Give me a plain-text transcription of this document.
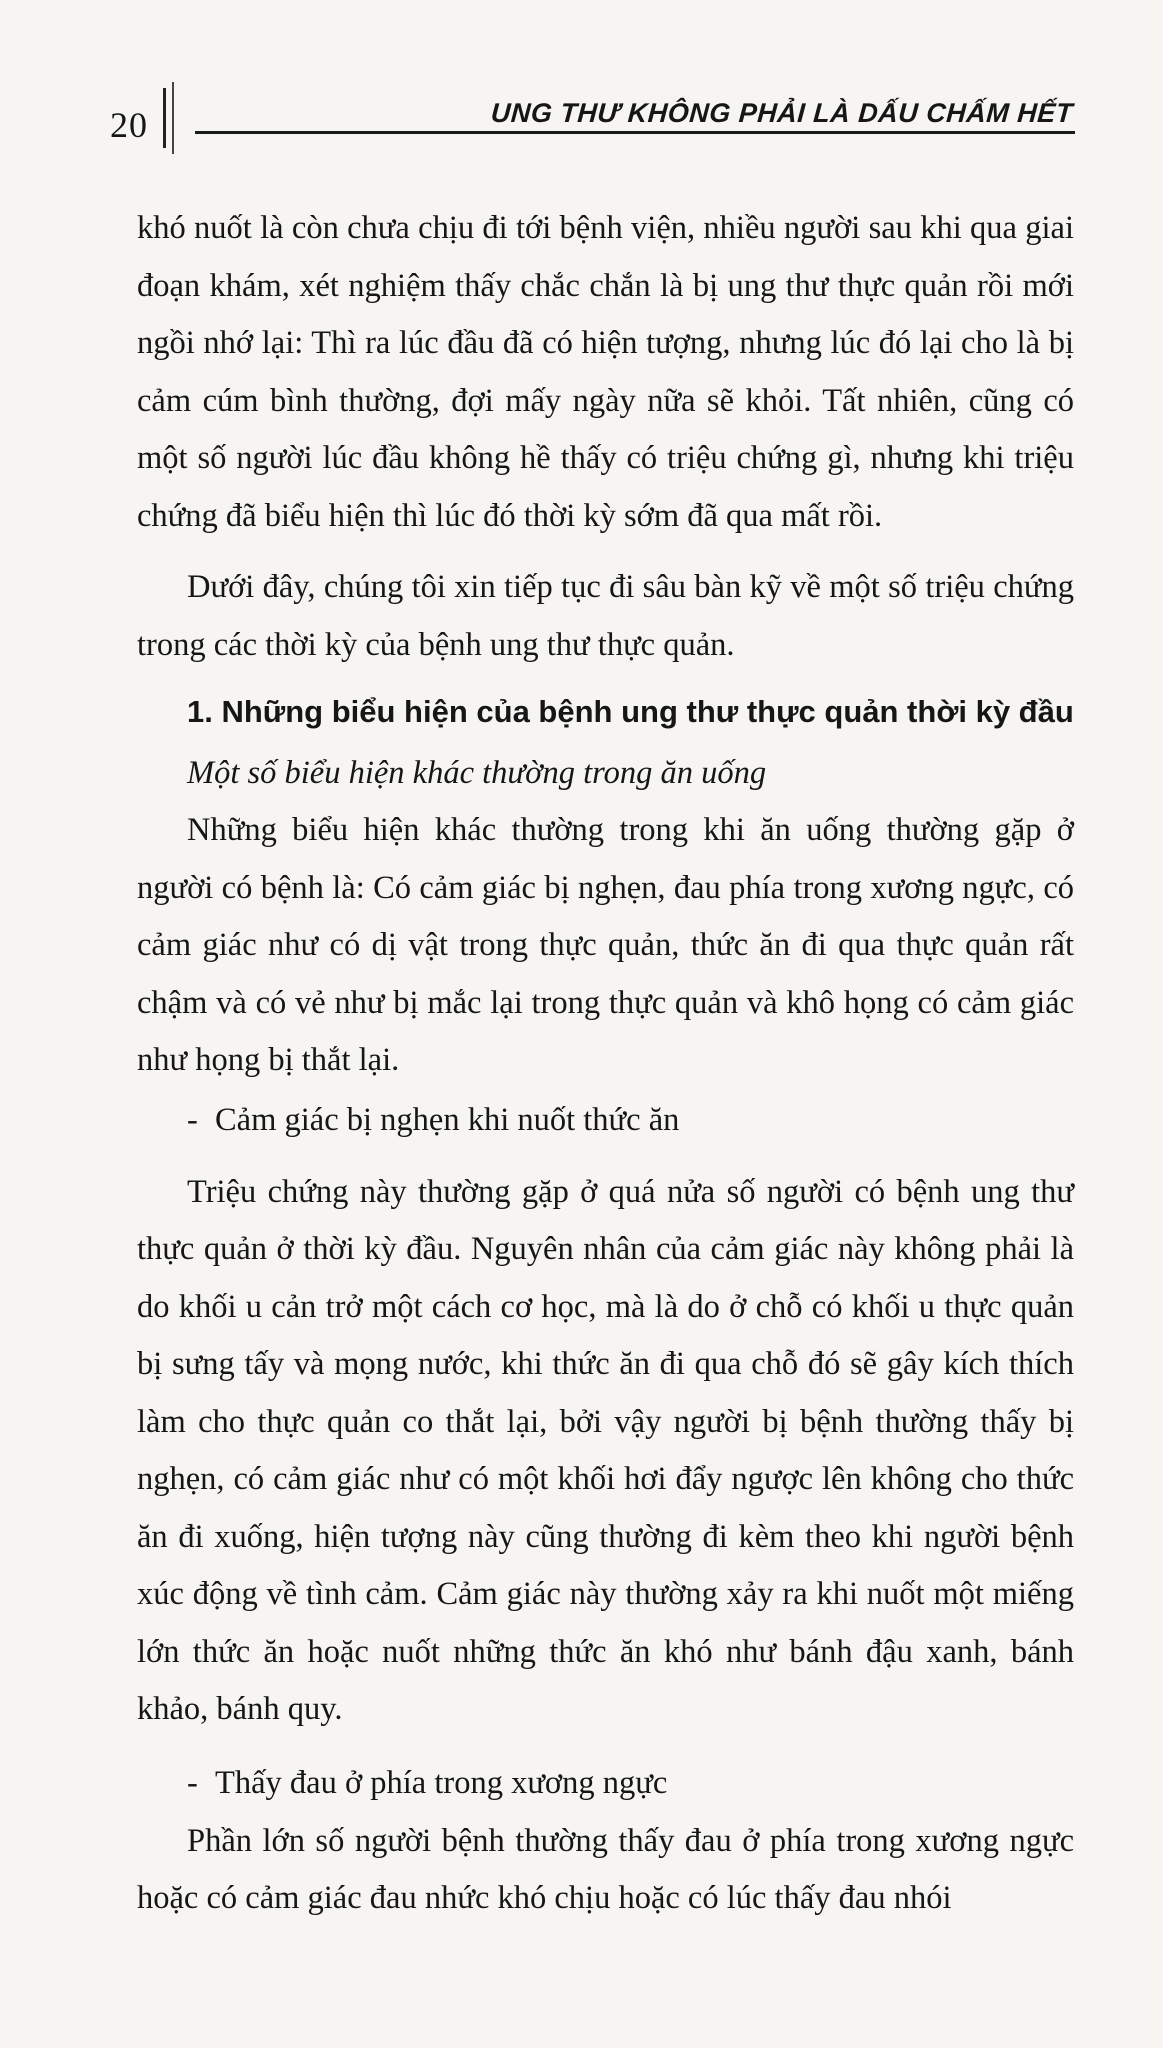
20	UNG THƯ KHÔNG PHẢI LÀ DẤU CHẤM HẾT

khó nuốt là còn chưa chịu đi tới bệnh viện, nhiều người sau khi qua giai đoạn khám, xét nghiệm thấy chắc chắn là bị ung thư thực quản rồi mới ngồi nhớ lại: Thì ra lúc đầu đã có hiện tượng, nhưng lúc đó lại cho là bị cảm cúm bình thường, đợi mấy ngày nữa sẽ khỏi. Tất nhiên, cũng có một số người lúc đầu không hề thấy có triệu chứng gì, nhưng khi triệu chứng đã biểu hiện thì lúc đó thời kỳ sớm đã qua mất rồi.

Dưới đây, chúng tôi xin tiếp tục đi sâu bàn kỹ về một số triệu chứng trong các thời kỳ của bệnh ung thư thực quản.

1. Những biểu hiện của bệnh ung thư thực quản thời kỳ đầu

Một số biểu hiện khác thường trong ăn uống

Những biểu hiện khác thường trong khi ăn uống thường gặp ở người có bệnh là: Có cảm giác bị nghẹn, đau phía trong xương ngực, có cảm giác như có dị vật trong thực quản, thức ăn đi qua thực quản rất chậm và có vẻ như bị mắc lại trong thực quản và khô họng có cảm giác như họng bị thắt lại.

- Cảm giác bị nghẹn khi nuốt thức ăn

Triệu chứng này thường gặp ở quá nửa số người có bệnh ung thư thực quản ở thời kỳ đầu. Nguyên nhân của cảm giác này không phải là do khối u cản trở một cách cơ học, mà là do ở chỗ có khối u thực quản bị sưng tấy và mọng nước, khi thức ăn đi qua chỗ đó sẽ gây kích thích làm cho thực quản co thắt lại, bởi vậy người bị bệnh thường thấy bị nghẹn, có cảm giác như có một khối hơi đẩy ngược lên không cho thức ăn đi xuống, hiện tượng này cũng thường đi kèm theo khi người bệnh xúc động về tình cảm. Cảm giác này thường xảy ra khi nuốt một miếng lớn thức ăn hoặc nuốt những thức ăn khó như bánh đậu xanh, bánh khảo, bánh quy.

- Thấy đau ở phía trong xương ngực

Phần lớn số người bệnh thường thấy đau ở phía trong xương ngực hoặc có cảm giác đau nhức khó chịu hoặc có lúc thấy đau nhói
